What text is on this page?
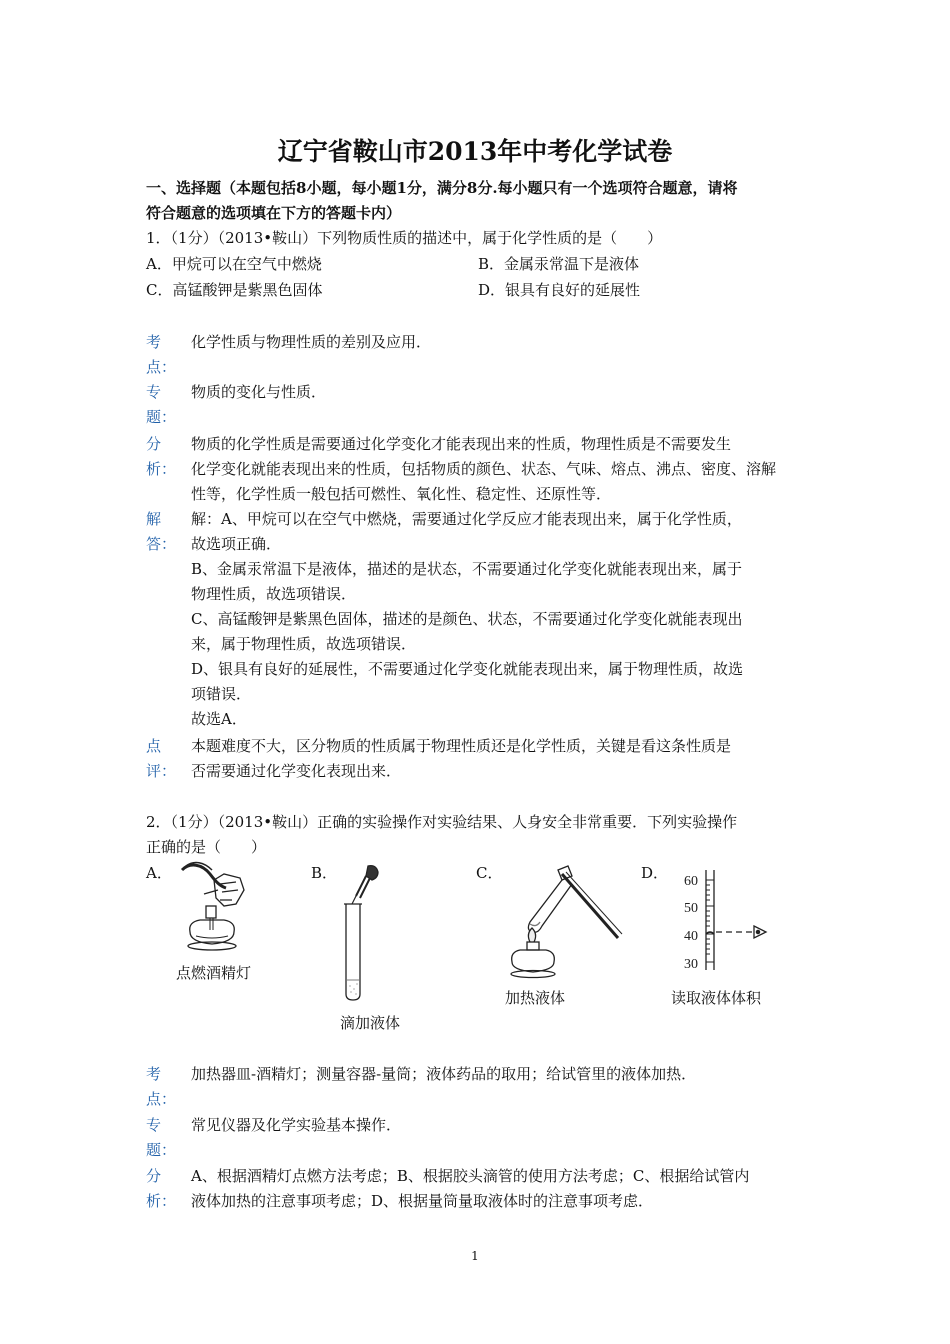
辽宁省鞍山市2013年中考化学试卷
一、选择题（本题包括8小题，每小题1分，满分8分.每小题只有一个选项符合题意，请将
符合题意的选项填在下方的答题卡内）
1．（1分）（2013•鞍山）下列物质性质的描述中，属于化学性质的是（　　）
A．甲烷可以在空气中燃烧	B．金属汞常温下是液体
C．高锰酸钾是紫黑色固体	D．银具有良好的延展性
考
点：
化学性质与物理性质的差别及应用．
专
题：
物质的变化与性质．
分
析：
物质的化学性质是需要通过化学变化才能表现出来的性质，物理性质是不需要发生
化学变化就能表现出来的性质，包括物质的颜色、状态、气味、熔点、沸点、密度、溶解
性等，化学性质一般包括可燃性、氧化性、稳定性、还原性等．
解
答：
解：A、甲烷可以在空气中燃烧，需要通过化学反应才能表现出来，属于化学性质，
故选项正确．
B、金属汞常温下是液体，描述的是状态，不需要通过化学变化就能表现出来，属于
物理性质，故选项错误．
C、高锰酸钾是紫黑色固体，描述的是颜色、状态，不需要通过化学变化就能表现出
来，属于物理性质，故选项错误．
D、银具有良好的延展性，不需要通过化学变化就能表现出来，属于物理性质，故选
项错误．
故选A．
点
评：
本题难度不大，区分物质的性质属于物理性质还是化学性质，关键是看这条性质是
否需要通过化学变化表现出来．
2．（1分）（2013•鞍山）正确的实验操作对实验结果、人身安全非常重要．下列实验操作
正确的是（　　）
A．
点燃酒精灯
B．
滴加液体
C．
加热液体
D． 60
50
40
30
读取液体体积
考
点：
加热器皿-酒精灯；测量容器-量筒；液体药品的取用；给试管里的液体加热．
专
题：
常见仪器及化学实验基本操作．
分
析：
A、根据酒精灯点燃方法考虑；B、根据胶头滴管的使用方法考虑；C、根据给试管内
液体加热的注意事项考虑；D、根据量筒量取液体时的注意事项考虑．
1
